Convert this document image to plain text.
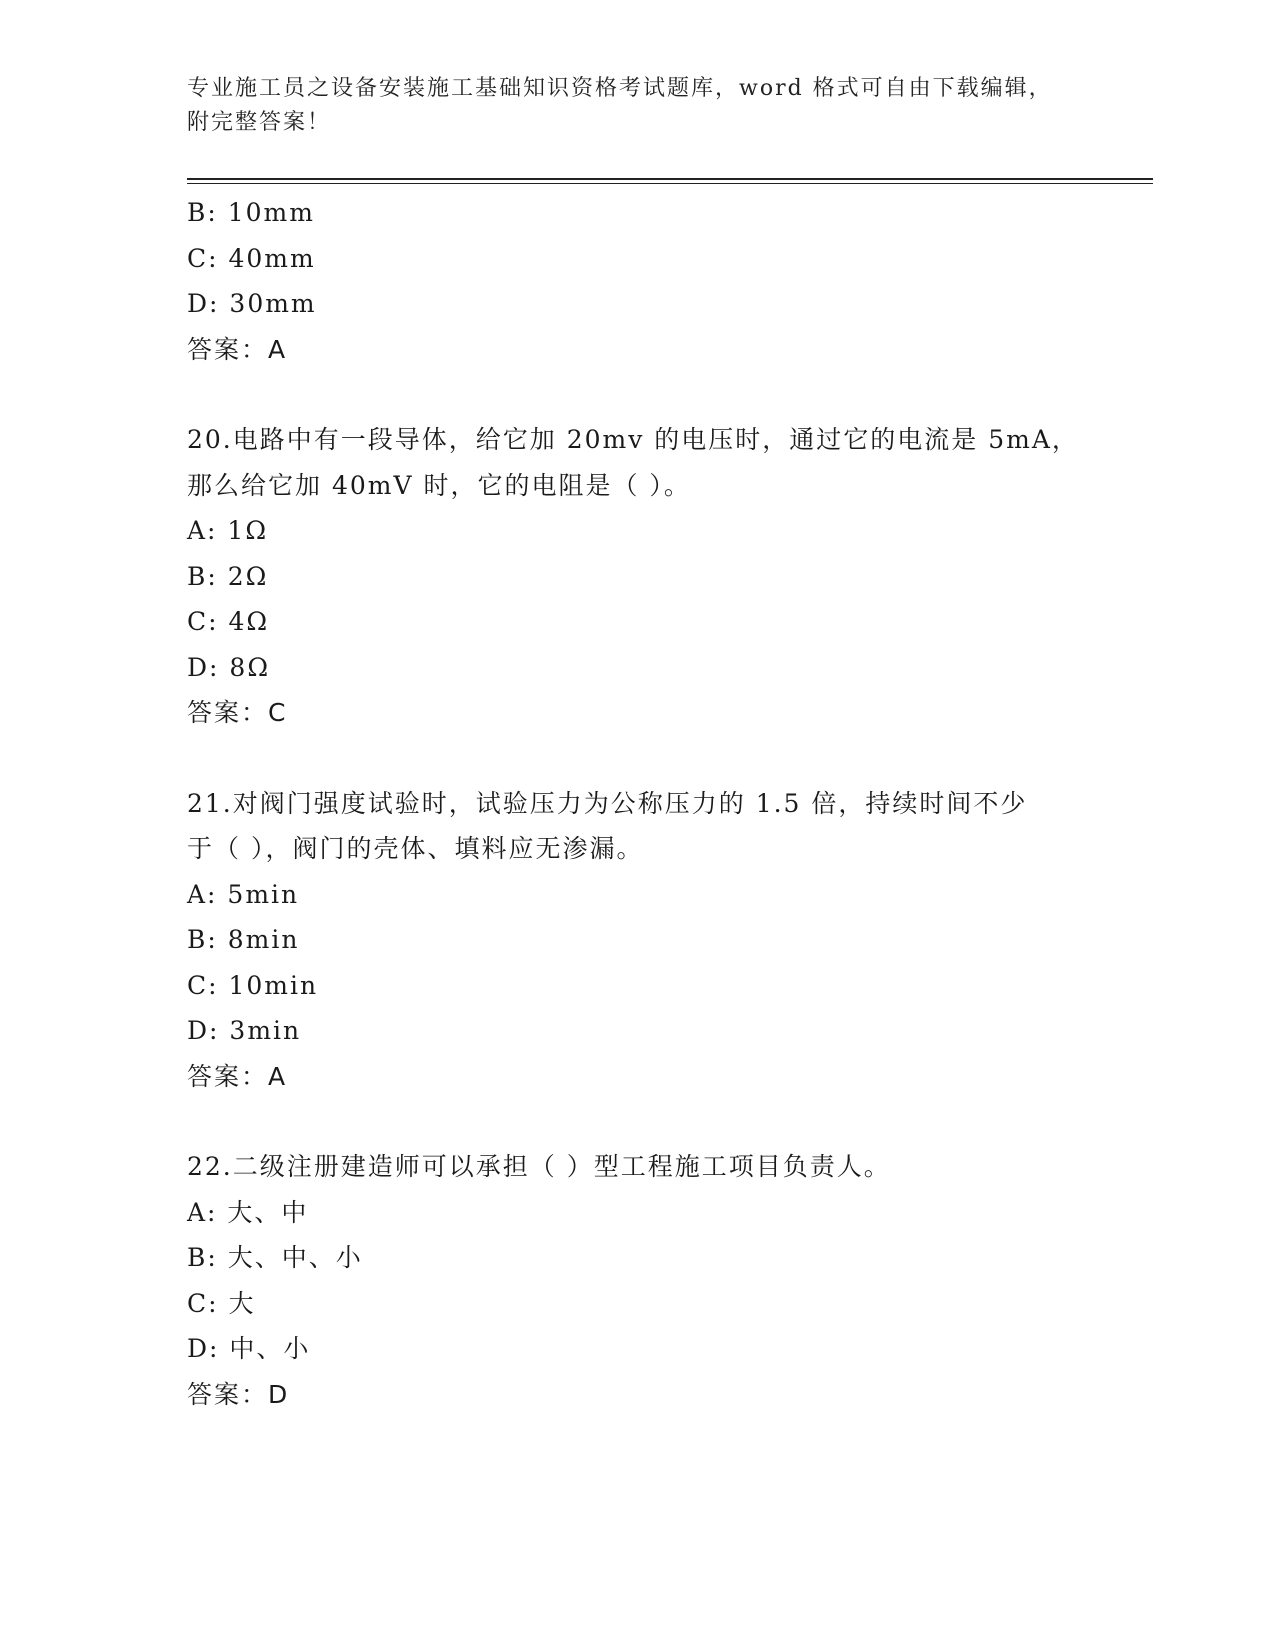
专业施工员之设备安装施工基础知识资格考试题库，word 格式可自由下载编辑，
附完整答案！
B: 10mm
C: 40mm
D: 30mm
答案：A
20.电路中有一段导体，给它加 20mv 的电压时，通过它的电流是 5mA，
那么给它加 40mV 时，它的电阻是（ ）。
A: 1Ω
B: 2Ω
C: 4Ω
D: 8Ω
答案：C
21.对阀门强度试验时，试验压力为公称压力的 1.5 倍，持续时间不少
于（ ），阀门的壳体、填料应无渗漏。
A: 5min
B: 8min
C: 10min
D: 3min
答案：A
22.二级注册建造师可以承担（ ）型工程施工项目负责人。
A: 大、中
B: 大、中、小
C: 大
D: 中、小
答案：D
